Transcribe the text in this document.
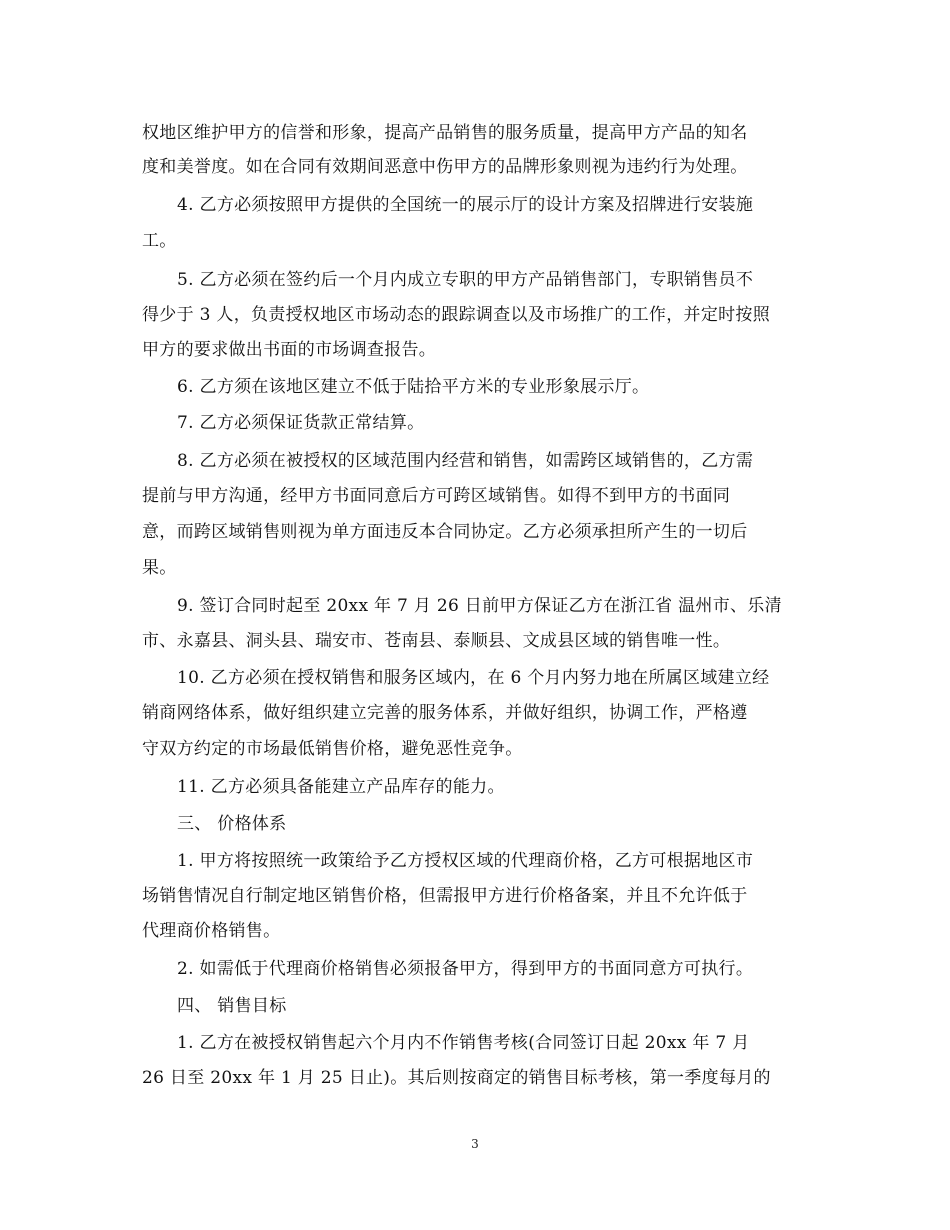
权地区维护甲方的信誉和形象，提高产品销售的服务质量，提高甲方产品的知名
度和美誉度。如在合同有效期间恶意中伤甲方的品牌形象则视为违约行为处理。
4. 乙方必须按照甲方提供的全国统一的展示厅的设计方案及招牌进行安装施
工。
5. 乙方必须在签约后一个月内成立专职的甲方产品销售部门，专职销售员不
得少于 3 人，负责授权地区市场动态的跟踪调查以及市场推广的工作，并定时按照
甲方的要求做出书面的市场调查报告。
6. 乙方须在该地区建立不低于陆拾平方米的专业形象展示厅。
7. 乙方必须保证货款正常结算。
8. 乙方必须在被授权的区域范围内经营和销售，如需跨区域销售的，乙方需
提前与甲方沟通，经甲方书面同意后方可跨区域销售。如得不到甲方的书面同
意，而跨区域销售则视为单方面违反本合同协定。乙方必须承担所产生的一切后
果。
9. 签订合同时起至 20xx 年 7 月 26 日前甲方保证乙方在浙江省 温州市、乐清
市、永嘉县、洞头县、瑞安市、苍南县、泰顺县、文成县区域的销售唯一性。
10. 乙方必须在授权销售和服务区域内，在 6 个月内努力地在所属区域建立经
销商网络体系，做好组织建立完善的服务体系，并做好组织，协调工作，严格遵
守双方约定的市场最低销售价格，避免恶性竞争。
11. 乙方必须具备能建立产品库存的能力。
三、 价格体系
1. 甲方将按照统一政策给予乙方授权区域的代理商价格，乙方可根据地区市
场销售情况自行制定地区销售价格，但需报甲方进行价格备案，并且不允许低于
代理商价格销售。
2. 如需低于代理商价格销售必须报备甲方，得到甲方的书面同意方可执行。
四、 销售目标
1. 乙方在被授权销售起六个月内不作销售考核(合同签订日起 20xx 年 7 月
26 日至 20xx 年 1 月 25 日止)。其后则按商定的销售目标考核，第一季度每月的
3
